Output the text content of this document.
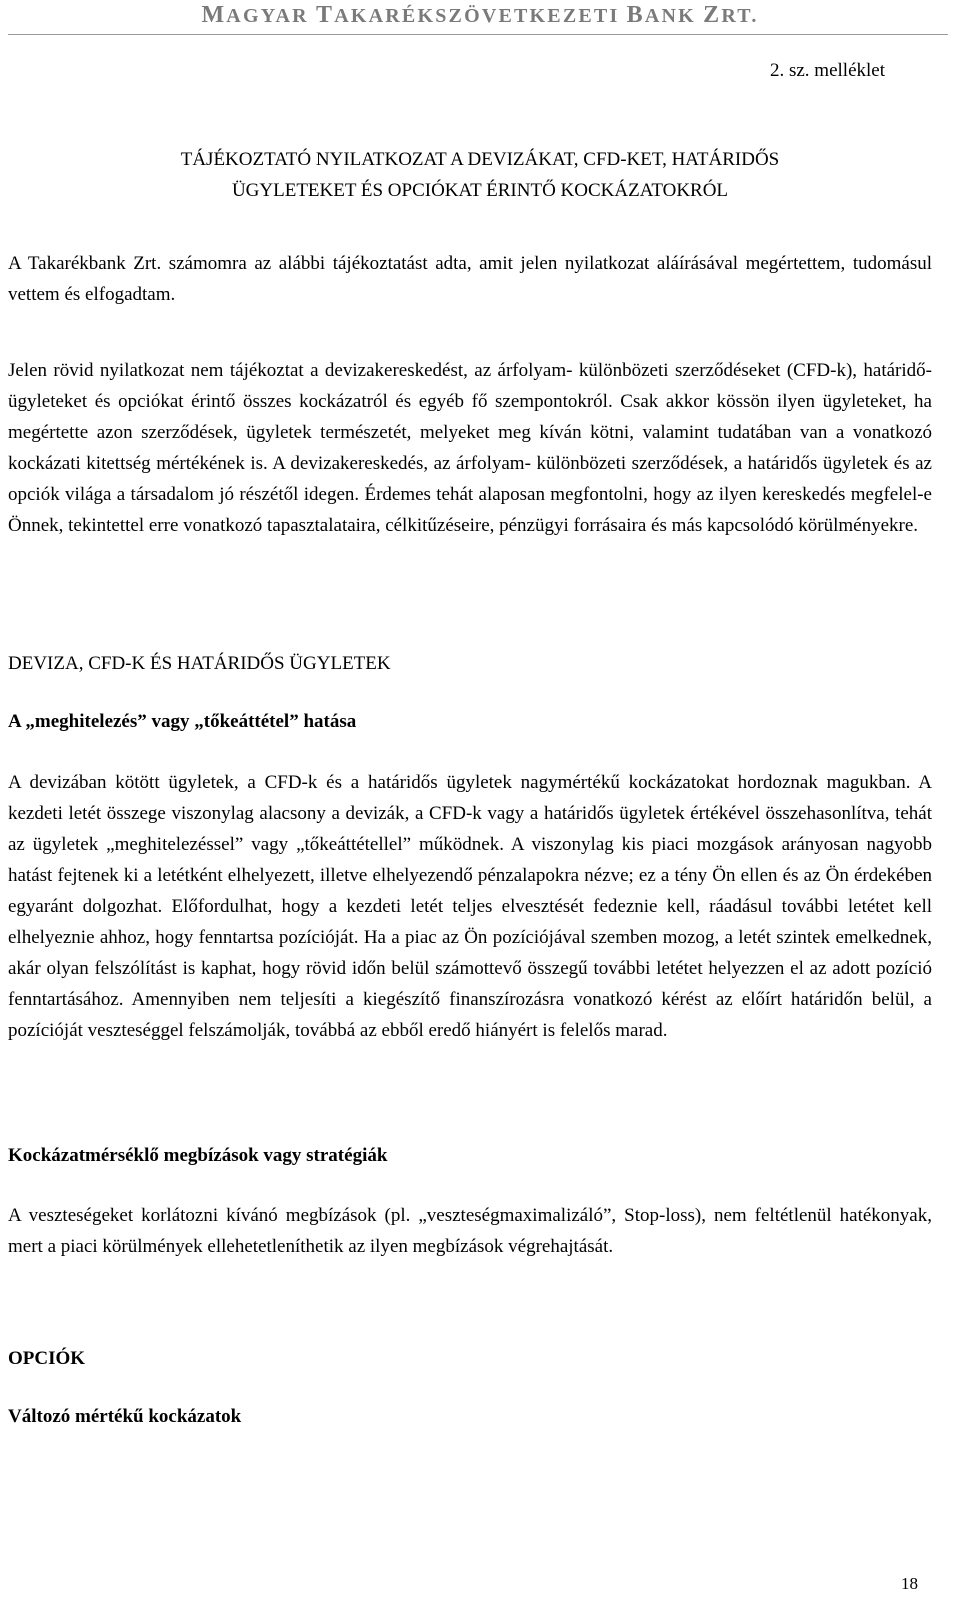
MAGYAR TAKARÉKSZÖVETKEZETI BANK ZRT.
2. sz. melléklet
TÁJÉKOZTATÓ NYILATKOZAT A DEVIZÁKAT, CFD-KET, HATÁRIDŐS
ÜGYLETEKET ÉS OPCIÓKAT ÉRINTŐ KOCKÁZATOKRÓL

A Takarékbank Zrt. számomra az alábbi tájékoztatást adta, amit jelen nyilatkozat aláírásával megértettem, tudomásul vettem és elfogadtam.

Jelen rövid nyilatkozat nem tájékoztat a devizakereskedést, az árfolyam- különbözeti szerződéseket (CFD-k), határidő-ügyleteket és opciókat érintő összes kockázatról és egyéb fő szempontokról. Csak akkor kössön ilyen ügyleteket, ha megértette azon szerződések, ügyletek természetét, melyeket meg kíván kötni, valamint tudatában van a vonatkozó kockázati kitettség mértékének is. A devizakereskedés, az árfolyam- különbözeti szerződések, a határidős ügyletek és az opciók világa a társadalom jó részétől idegen. Érdemes tehát alaposan megfontolni, hogy az ilyen kereskedés megfelel-e Önnek, tekintettel erre vonatkozó tapasztalataira, célkitűzéseire, pénzügyi forrásaira és más kapcsolódó körülményekre.

DEVIZA, CFD-K ÉS HATÁRIDŐS ÜGYLETEK
A „meghitelezés” vagy „tőkeáttétel” hatása

A devizában kötött ügyletek, a CFD-k és a határidős ügyletek nagymértékű kockázatokat hordoznak magukban. A kezdeti letét összege viszonylag alacsony a devizák, a CFD-k vagy a határidős ügyletek értékével összehasonlítva, tehát az ügyletek „meghitelezéssel” vagy „tőkeáttétellel” működnek. A viszonylag kis piaci mozgások arányosan nagyobb hatást fejtenek ki a letétként elhelyezett, illetve elhelyezendő pénzalapokra nézve; ez a tény Ön ellen és az Ön érdekében egyaránt dolgozhat. Előfordulhat, hogy a kezdeti letét teljes elvesztését fedeznie kell, ráadásul további letétet kell elhelyeznie ahhoz, hogy fenntartsa pozícióját. Ha a piac az Ön pozíciójával szemben mozog, a letét szintek emelkednek, akár olyan felszólítást is kaphat, hogy rövid időn belül számottevő összegű további letétet helyezzen el az adott pozíció fenntartásához. Amennyiben nem teljesíti a kiegészítő finanszírozásra vonatkozó kérést az előírt határidőn belül, a pozícióját veszteséggel felszámolják, továbbá az ebből eredő hiányért is felelős marad.

Kockázatmérséklő megbízások vagy stratégiák

A veszteségeket korlátozni kívánó megbízások (pl. „veszteségmaximalizáló”, Stop-loss), nem feltétlenül hatékonyak, mert a piaci körülmények ellehetetleníthetik az ilyen megbízások végrehajtását.

OPCIÓK
Változó mértékű kockázatok
18
